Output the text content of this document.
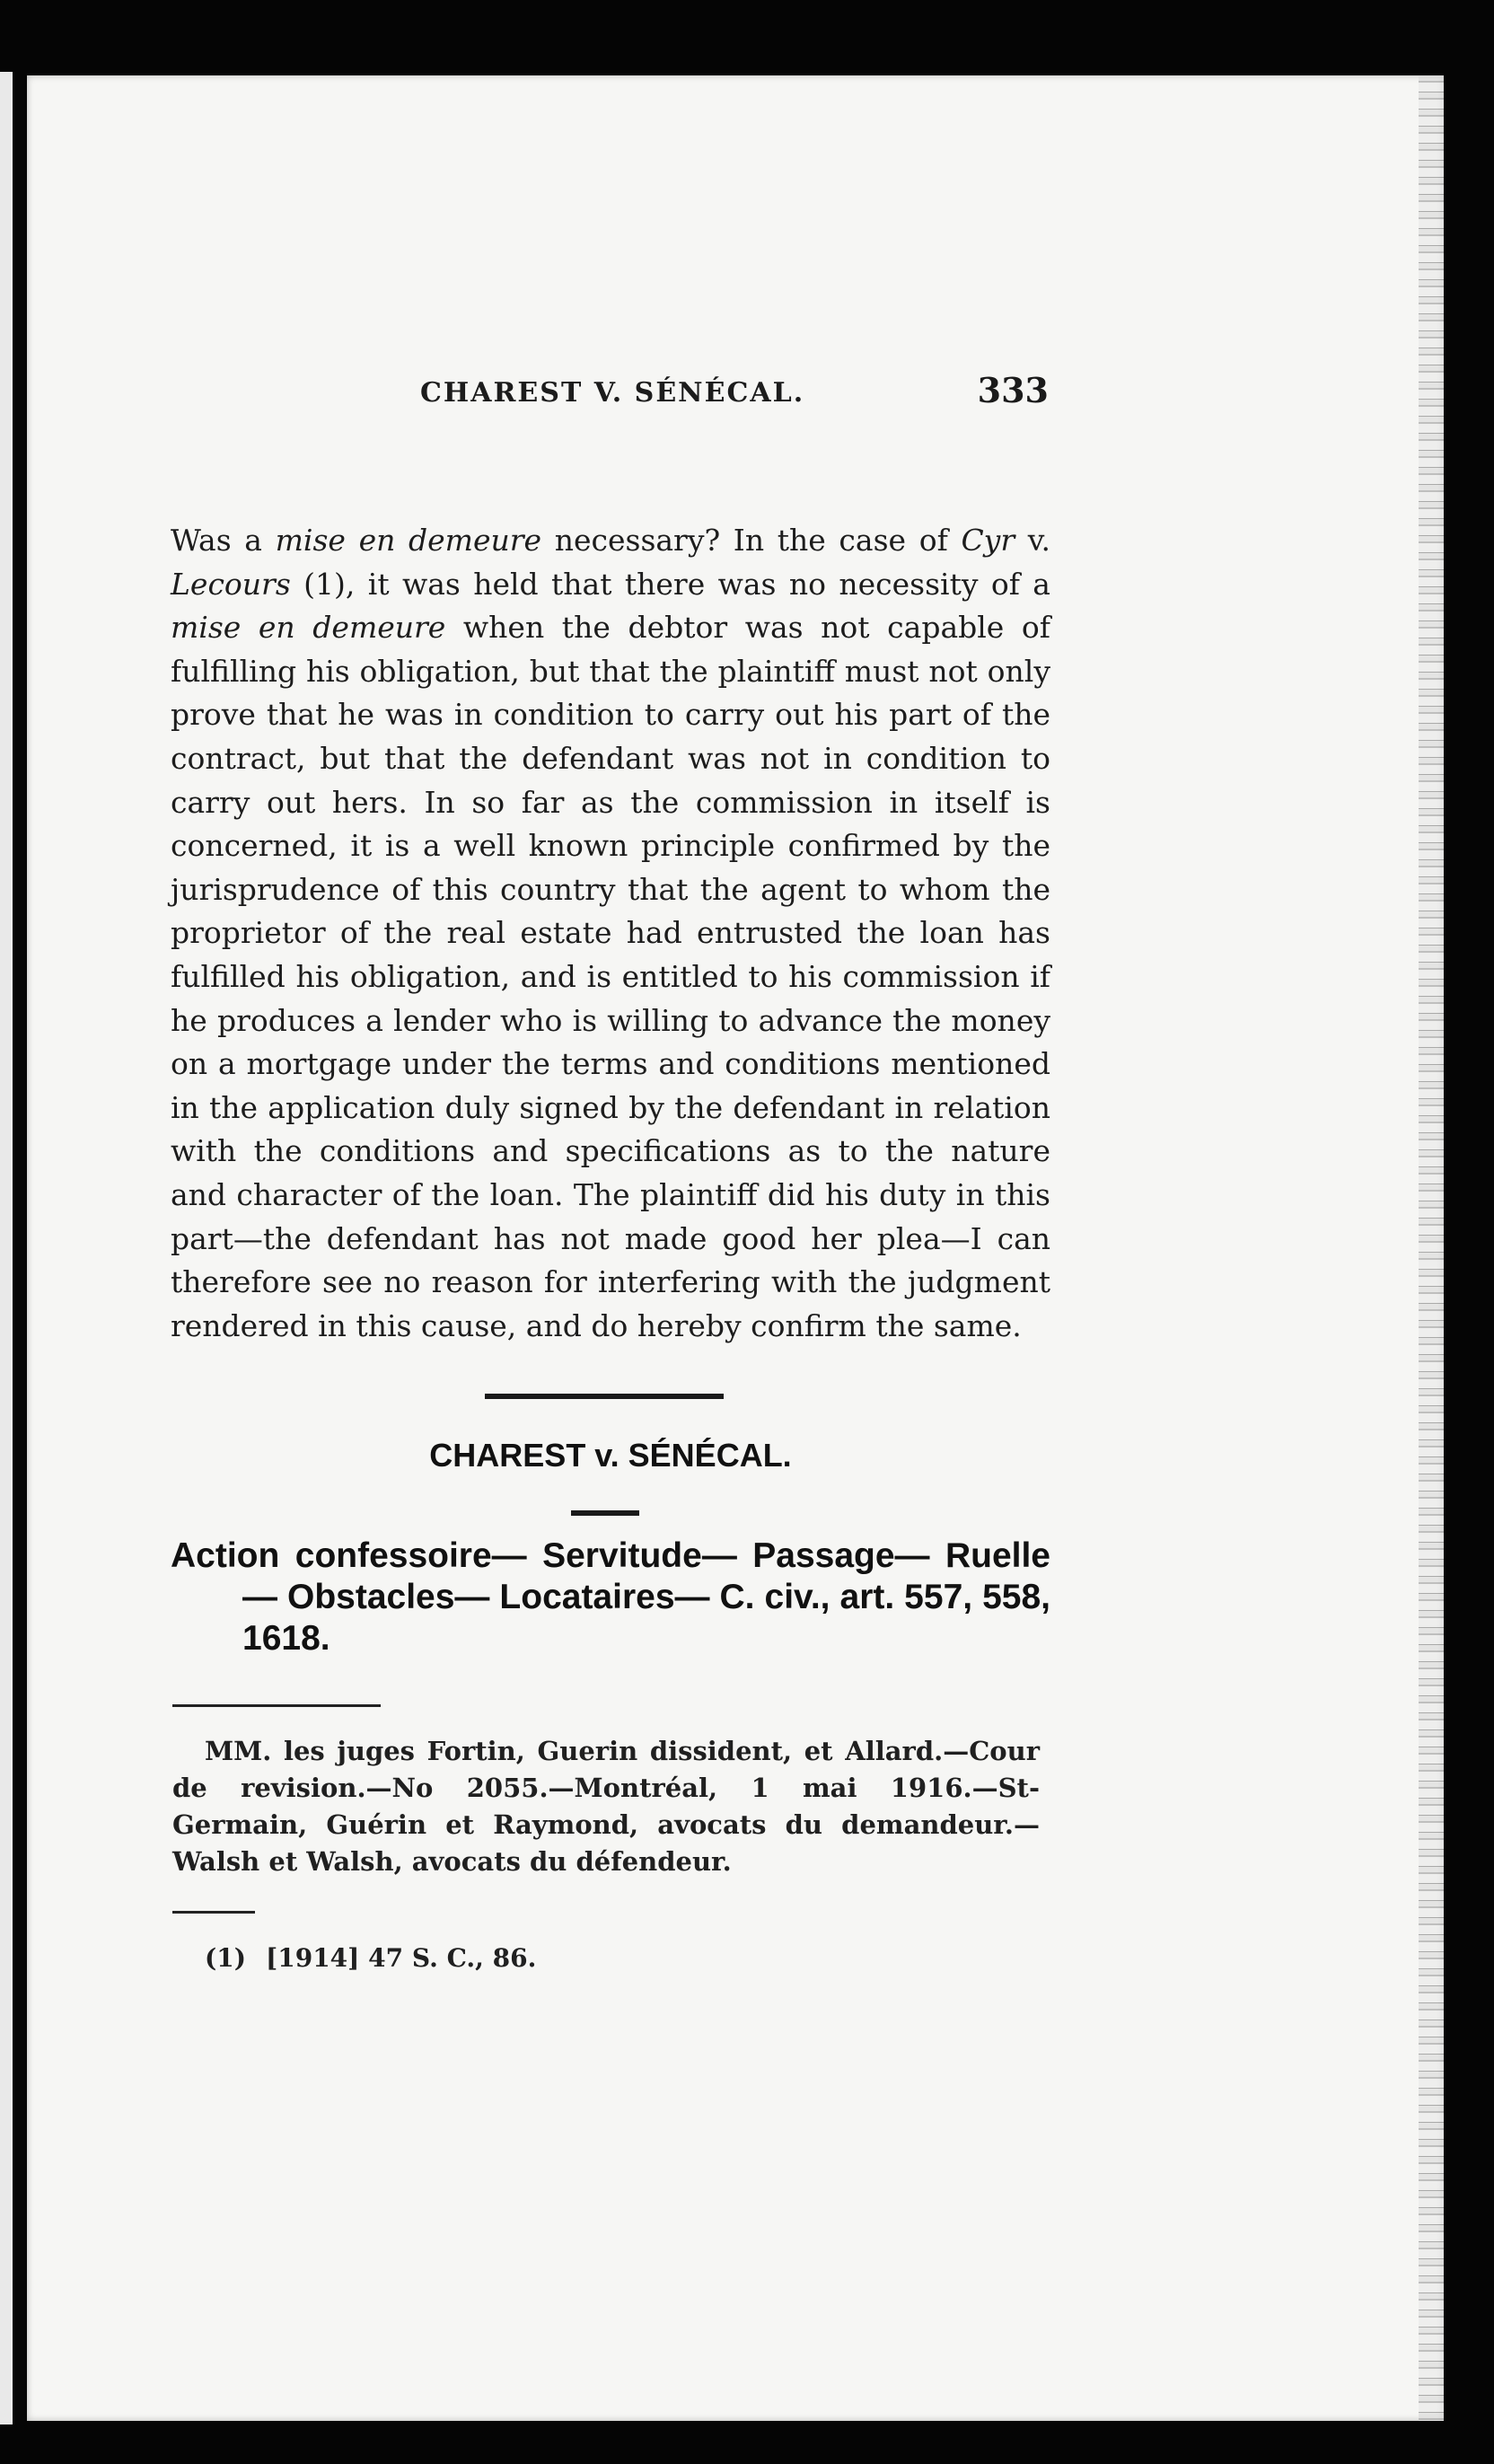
CHAREST V. SÉNÉCAL.	333

Was a mise en demeure necessary? In the case of Cyr v. Lecours (1), it was held that there was no necessity of a mise en demeure when the debtor was not capable of fulfilling his obligation, but that the plaintiff must not only prove that he was in condition to carry out his part of the contract, but that the defendant was not in condition to carry out hers. In so far as the commission in itself is concerned, it is a well known principle confirmed by the jurisprudence of this country that the agent to whom the proprietor of the real estate had entrusted the loan has fulfilled his obligation, and is entitled to his commission if he produces a lender who is willing to advance the money on a mortgage under the terms and conditions mentioned in the application duly signed by the defendant in relation with the conditions and specifications as to the nature and character of the loan. The plaintiff did his duty in this part—the defendant has not made good her plea—I can therefore see no reason for interfering with the judgment rendered in this cause, and do hereby confirm the same.

CHAREST v. SÉNÉCAL.
Action confessoire— Servitude— Passage— Ruelle— Obstacles— Locataires— C. civ., art. 557, 558, 1618.
MM. les juges Fortin, Guerin dissident, et Allard.—Cour de revision.—No 2055.—Montréal, 1 mai 1916.—St-Germain, Guérin et Raymond, avocats du demandeur.—Walsh et Walsh, avocats du défendeur.
(1) [1914] 47 S. C., 86.
